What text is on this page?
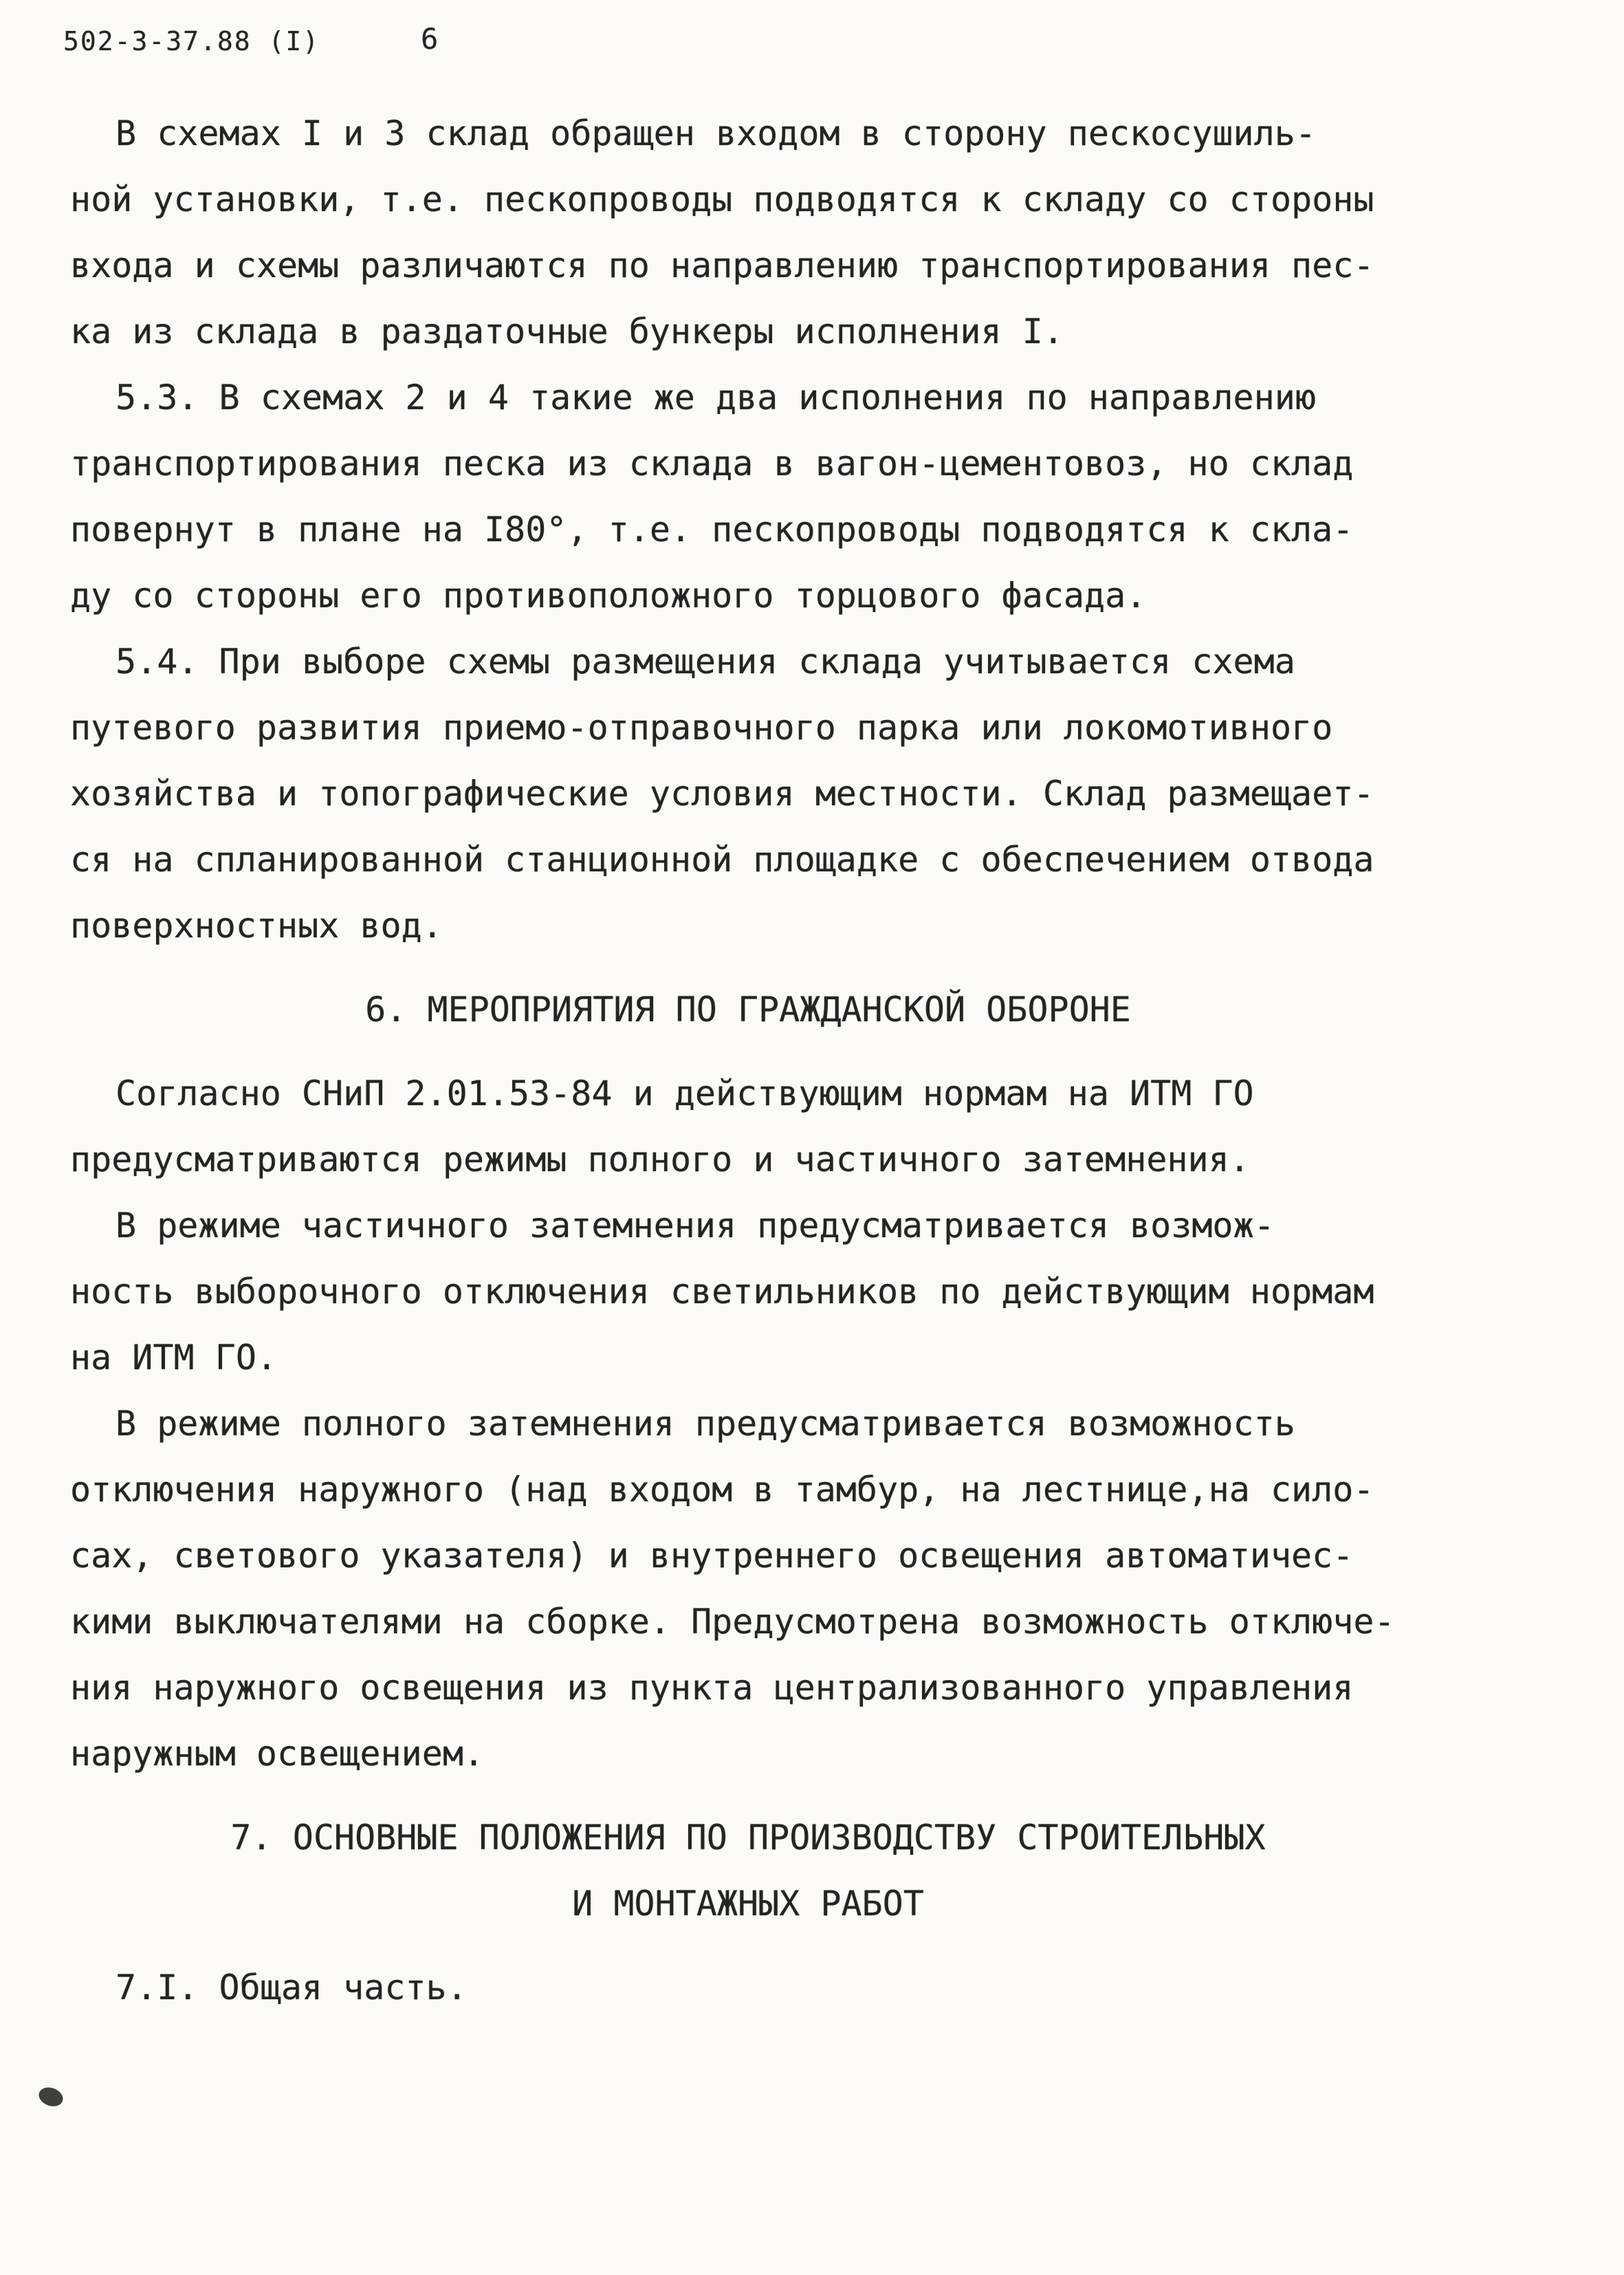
502-3-37.88 (I)	6
В схемах I и 3 склад обращен входом в сторону пескосушиль-
ной установки, т.е. пескопроводы подводятся к складу со стороны
входа и схемы различаются по направлению транспортирования пес-
ка из склада в раздаточные бункеры исполнения I.
5.3. В схемах 2 и 4 такие же два исполнения по направлению
транспортирования песка из склада в вагон-цементовоз, но склад
повернут в плане на I80°, т.е. пескопроводы подводятся к скла-
ду со стороны его противоположного торцового фасада.
5.4. При выборе схемы размещения склада учитывается схема
путевого развития приемо-отправочного парка или локомотивного
хозяйства и топографические условия местности. Склад размещает-
ся на спланированной станционной площадке с обеспечением отвода
поверхностных вод.
6. МЕРОПРИЯТИЯ ПО ГРАЖДАНСКОЙ ОБОРОНЕ
Согласно СНиП 2.01.53-84 и действующим нормам на ИТМ ГО
предусматриваются режимы полного и частичного затемнения.
В режиме частичного затемнения предусматривается возмож-
ность выборочного отключения светильников по действующим нормам
на ИТМ ГО.
В режиме полного затемнения предусматривается возможность
отключения наружного (над входом в тамбур, на лестнице,на сило-
сах, светового указателя) и внутреннего освещения автоматичес-
кими выключателями на сборке. Предусмотрена возможность отключе-
ния наружного освещения из пункта централизованного управления
наружным освещением.
7. ОСНОВНЫЕ ПОЛОЖЕНИЯ ПО ПРОИЗВОДСТВУ СТРОИТЕЛЬНЫХ
И МОНТАЖНЫХ РАБОТ
7.I. Общая часть.
